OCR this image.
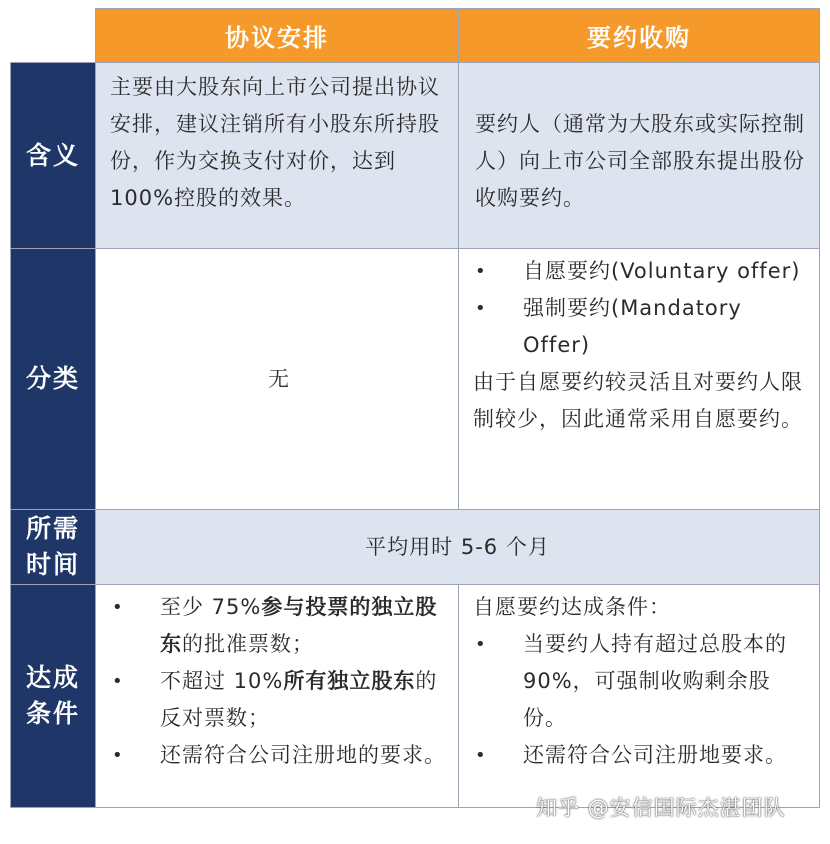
协议安排	要约收购
含义

主要由大股东向上市公司提出协议安排，建议注销所有小股东所持股份，作为交换支付对价，达到100%控股的效果。

要约人（通常为大股东或实际控制人）向上市公司全部股东提出股份收购要约。

分类	无
• 自愿要约(Voluntary offer)
• 强制要约(Mandatory Offer)

由于自愿要约较灵活且对要约人限制较少，因此通常采用自愿要约。

所需
时间
平均用时 5-6 个月
达成
条件
• 至少 75%参与投票的独立股东的批准票数；
• 不超过 10%所有独立股东的反对票数；
• 还需符合公司注册地的要求。

自愿要约达成条件：

• 当要约人持有超过总股本的90%，可强制收购剩余股份。
• 还需符合公司注册地要求。
知乎 @安信国际杰湛团队
